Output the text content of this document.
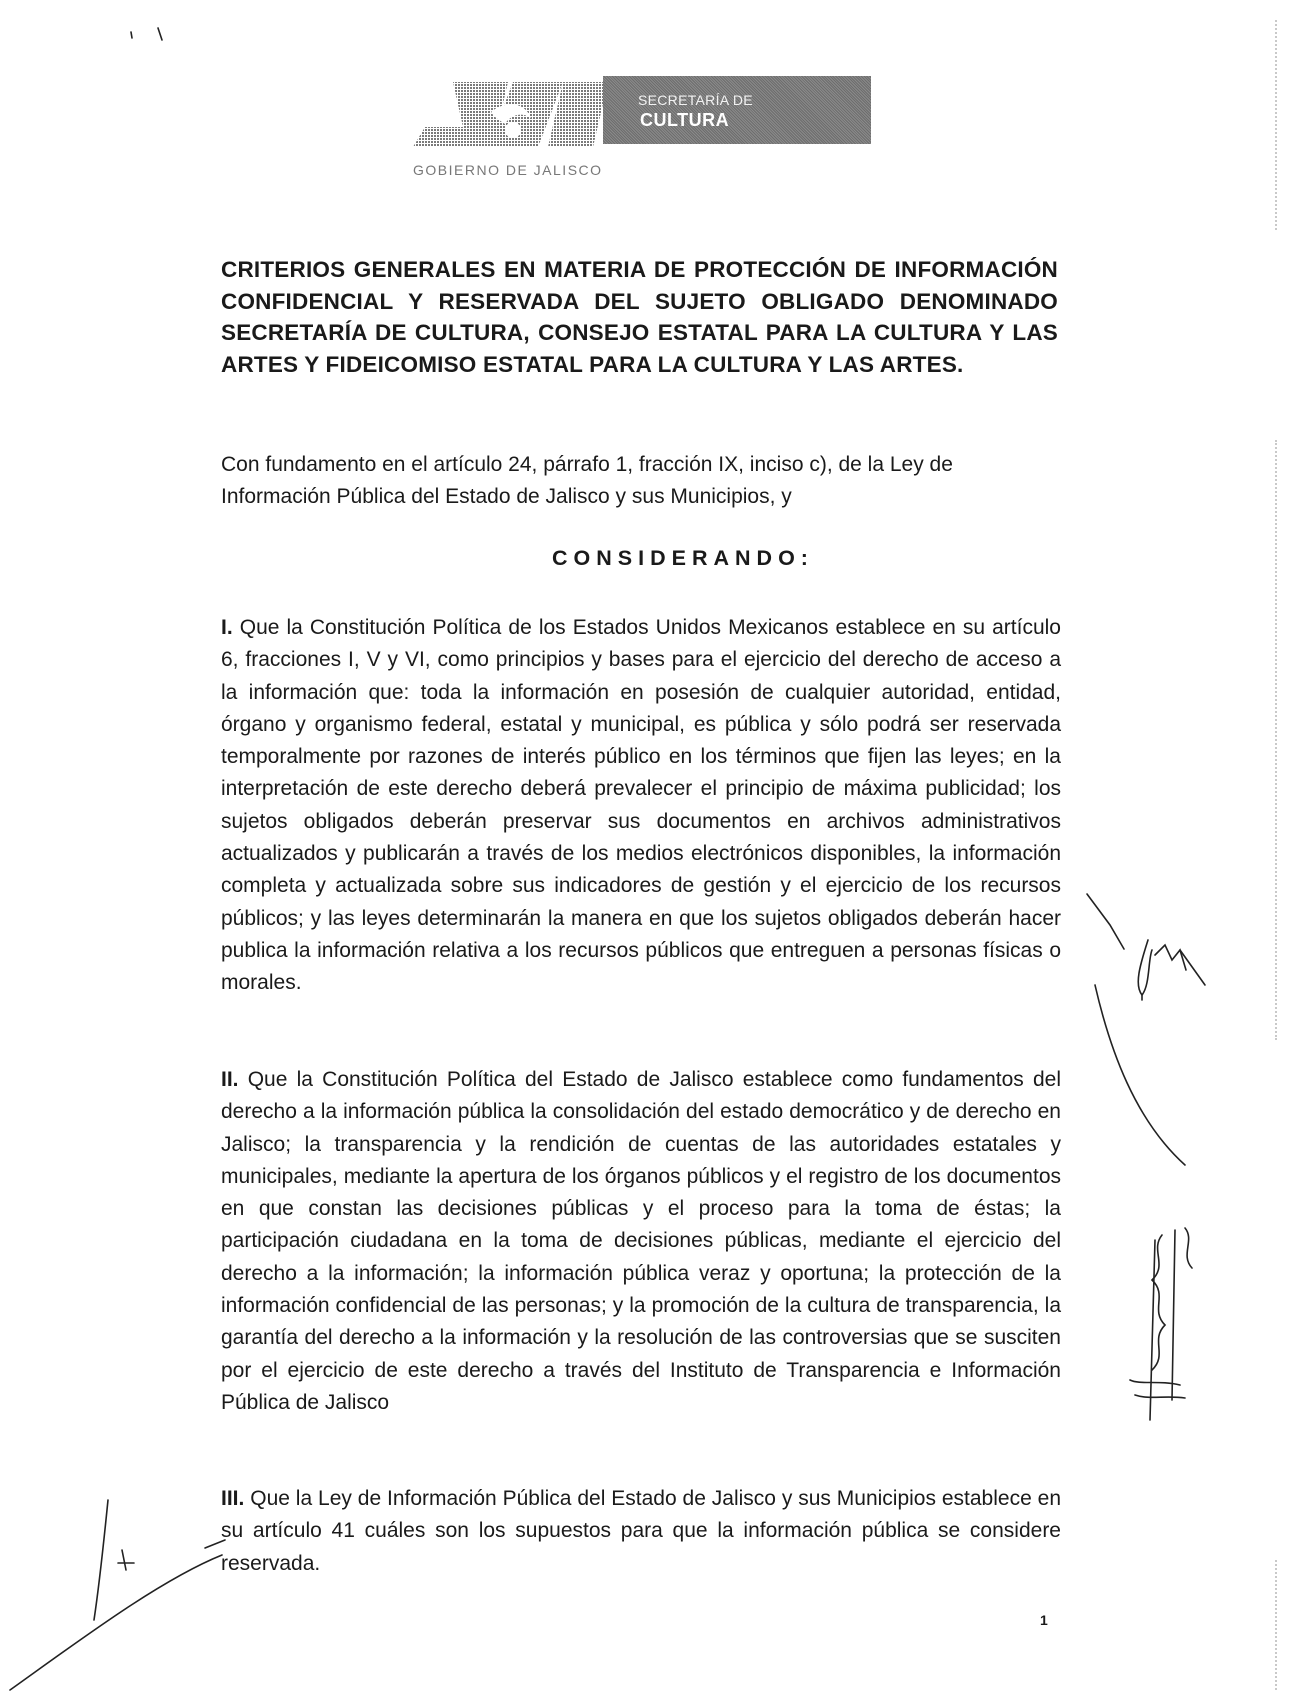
GOBIERNO DE JALISCO
SECRETARÍA DE
CULTURA
CRITERIOS GENERALES EN MATERIA DE PROTECCIÓN DE INFORMACIÓN CONFIDENCIAL Y RESERVADA DEL SUJETO OBLIGADO DENOMINADO SECRETARÍA DE CULTURA, CONSEJO ESTATAL PARA LA CULTURA Y LAS ARTES Y FIDEICOMISO ESTATAL PARA LA CULTURA Y LAS ARTES.

Con fundamento en el artículo 24, párrafo 1, fracción IX, inciso c), de la Ley de Información Pública del Estado de Jalisco y sus Municipios, y

CONSIDERANDO:

I. Que la Constitución Política de los Estados Unidos Mexicanos establece en su artículo 6, fracciones I, V y VI, como principios y bases para el ejercicio del derecho de acceso a la información que: toda la información en posesión de cualquier autoridad, entidad, órgano y organismo federal, estatal y municipal, es pública y sólo podrá ser reservada temporalmente por razones de interés público en los términos que fijen las leyes; en la interpretación de este derecho deberá prevalecer el principio de máxima publicidad; los sujetos obligados deberán preservar sus documentos en archivos administrativos actualizados y publicarán a través de los medios electrónicos disponibles, la información completa y actualizada sobre sus indicadores de gestión y el ejercicio de los recursos públicos; y las leyes determinarán la manera en que los sujetos obligados deberán hacer publica la información relativa a los recursos públicos que entreguen a personas físicas o morales.

II. Que la Constitución Política del Estado de Jalisco establece como fundamentos del derecho a la información pública la consolidación del estado democrático y de derecho en Jalisco; la transparencia y la rendición de cuentas de las autoridades estatales y municipales, mediante la apertura de los órganos públicos y el registro de los documentos en que constan las decisiones públicas y el proceso para la toma de éstas; la participación ciudadana en la toma de decisiones públicas, mediante el ejercicio del derecho a la información; la información pública veraz y oportuna; la protección de la información confidencial de las personas; y la promoción de la cultura de transparencia, la garantía del derecho a la información y la resolución de las controversias que se susciten por el ejercicio de este derecho a través del Instituto de Transparencia e Información Pública de Jalisco

III. Que la Ley de Información Pública del Estado de Jalisco y sus Municipios establece en su artículo 41 cuáles son los supuestos para que la información pública se considere reservada.

1
